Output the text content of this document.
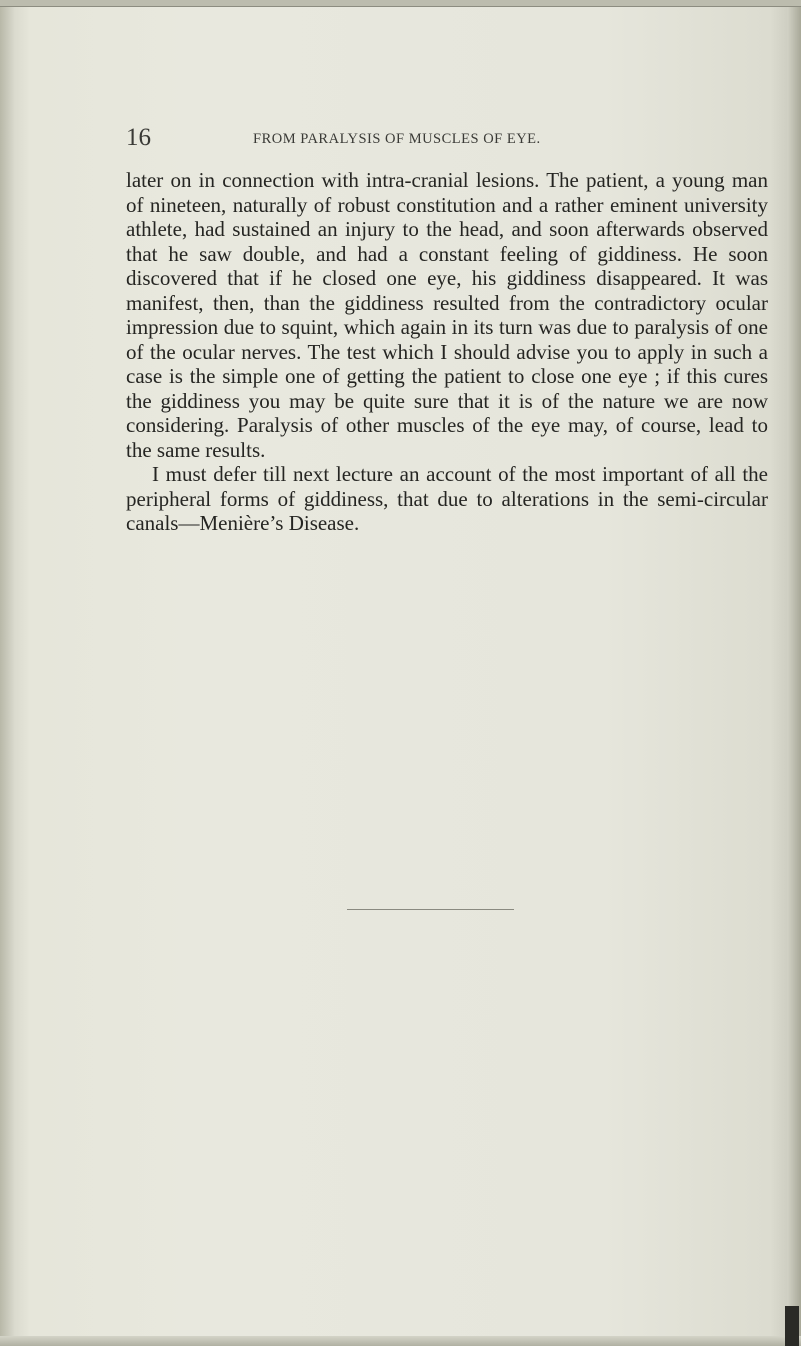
16	FROM PARALYSIS OF MUSCLES OF EYE.

later on in connection with intra-cranial lesions. The patient, a young man of nineteen, naturally of robust constitution and a rather eminent university athlete, had sustained an injury to the head, and soon afterwards observed that he saw double, and had a constant feeling of giddiness. He soon discovered that if he closed one eye, his giddiness disappeared. It was manifest, then, than the giddiness resulted from the contradictory ocular impression due to squint, which again in its turn was due to paralysis of one of the ocular nerves. The test which I should advise you to apply in such a case is the simple one of getting the patient to close one eye ; if this cures the giddiness you may be quite sure that it is of the nature we are now considering. Paralysis of other muscles of the eye may, of course, lead to the same results.

I must defer till next lecture an account of the most important of all the peripheral forms of giddiness, that due to alterations in the semi-circular canals—Menière’s Disease.
